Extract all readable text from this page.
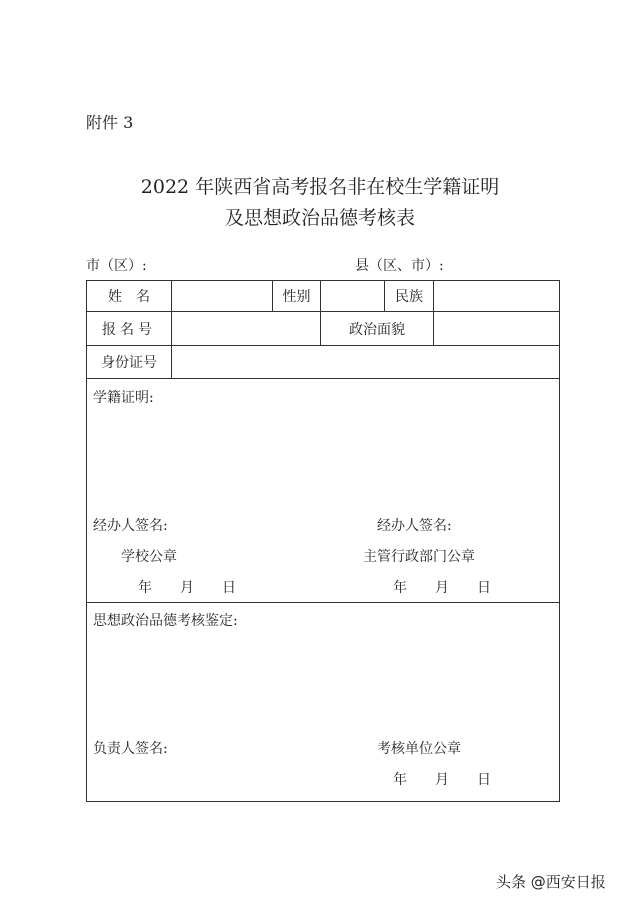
附件 3
2022 年陕西省高考报名非在校生学籍证明
及思想政治品德考核表
市（区）:	县（区、市）:
姓　名	性别	民族
报名号	政治面貌
身份证号
学籍证明:
经办人签名:	经办人签名:
学校公章	主管行政部门公章
年　　月　　日	年　　月　　日
思想政治品德考核鉴定:
负责人签名:	考核单位公章
年　　月　　日
头条 @西安日报
